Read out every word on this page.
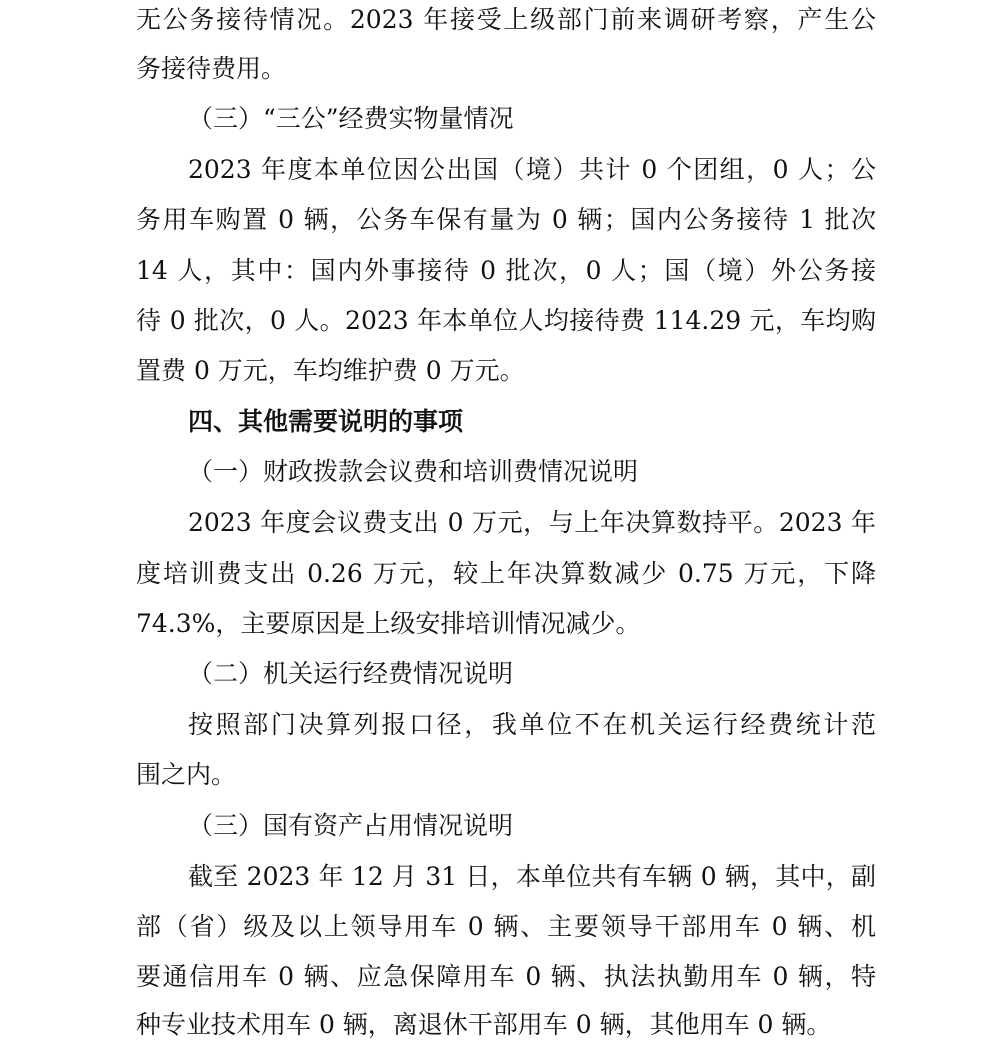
无公务接待情况。2023 年接受上级部门前来调研考察，产生公
务接待费用。
（三）“三公”经费实物量情况
2023 年度本单位因公出国（境）共计 0 个团组，0 人；公
务用车购置 0 辆，公务车保有量为 0 辆；国内公务接待 1 批次
14 人，其中：国内外事接待 0 批次，0 人；国（境）外公务接
待 0 批次，0 人。2023 年本单位人均接待费 114.29 元，车均购
置费 0 万元，车均维护费 0 万元。
四、其他需要说明的事项
（一）财政拨款会议费和培训费情况说明
2023 年度会议费支出 0 万元，与上年决算数持平。2023 年
度培训费支出 0.26 万元，较上年决算数减少 0.75 万元，下降
74.3%，主要原因是上级安排培训情况减少。
（二）机关运行经费情况说明
按照部门决算列报口径，我单位不在机关运行经费统计范
围之内。
（三）国有资产占用情况说明
截至 2023 年 12 月 31 日，本单位共有车辆 0 辆，其中，副
部（省）级及以上领导用车 0 辆、主要领导干部用车 0 辆、机
要通信用车 0 辆、应急保障用车 0 辆、执法执勤用车 0 辆，特
种专业技术用车 0 辆，离退休干部用车 0 辆，其他用车 0 辆。
